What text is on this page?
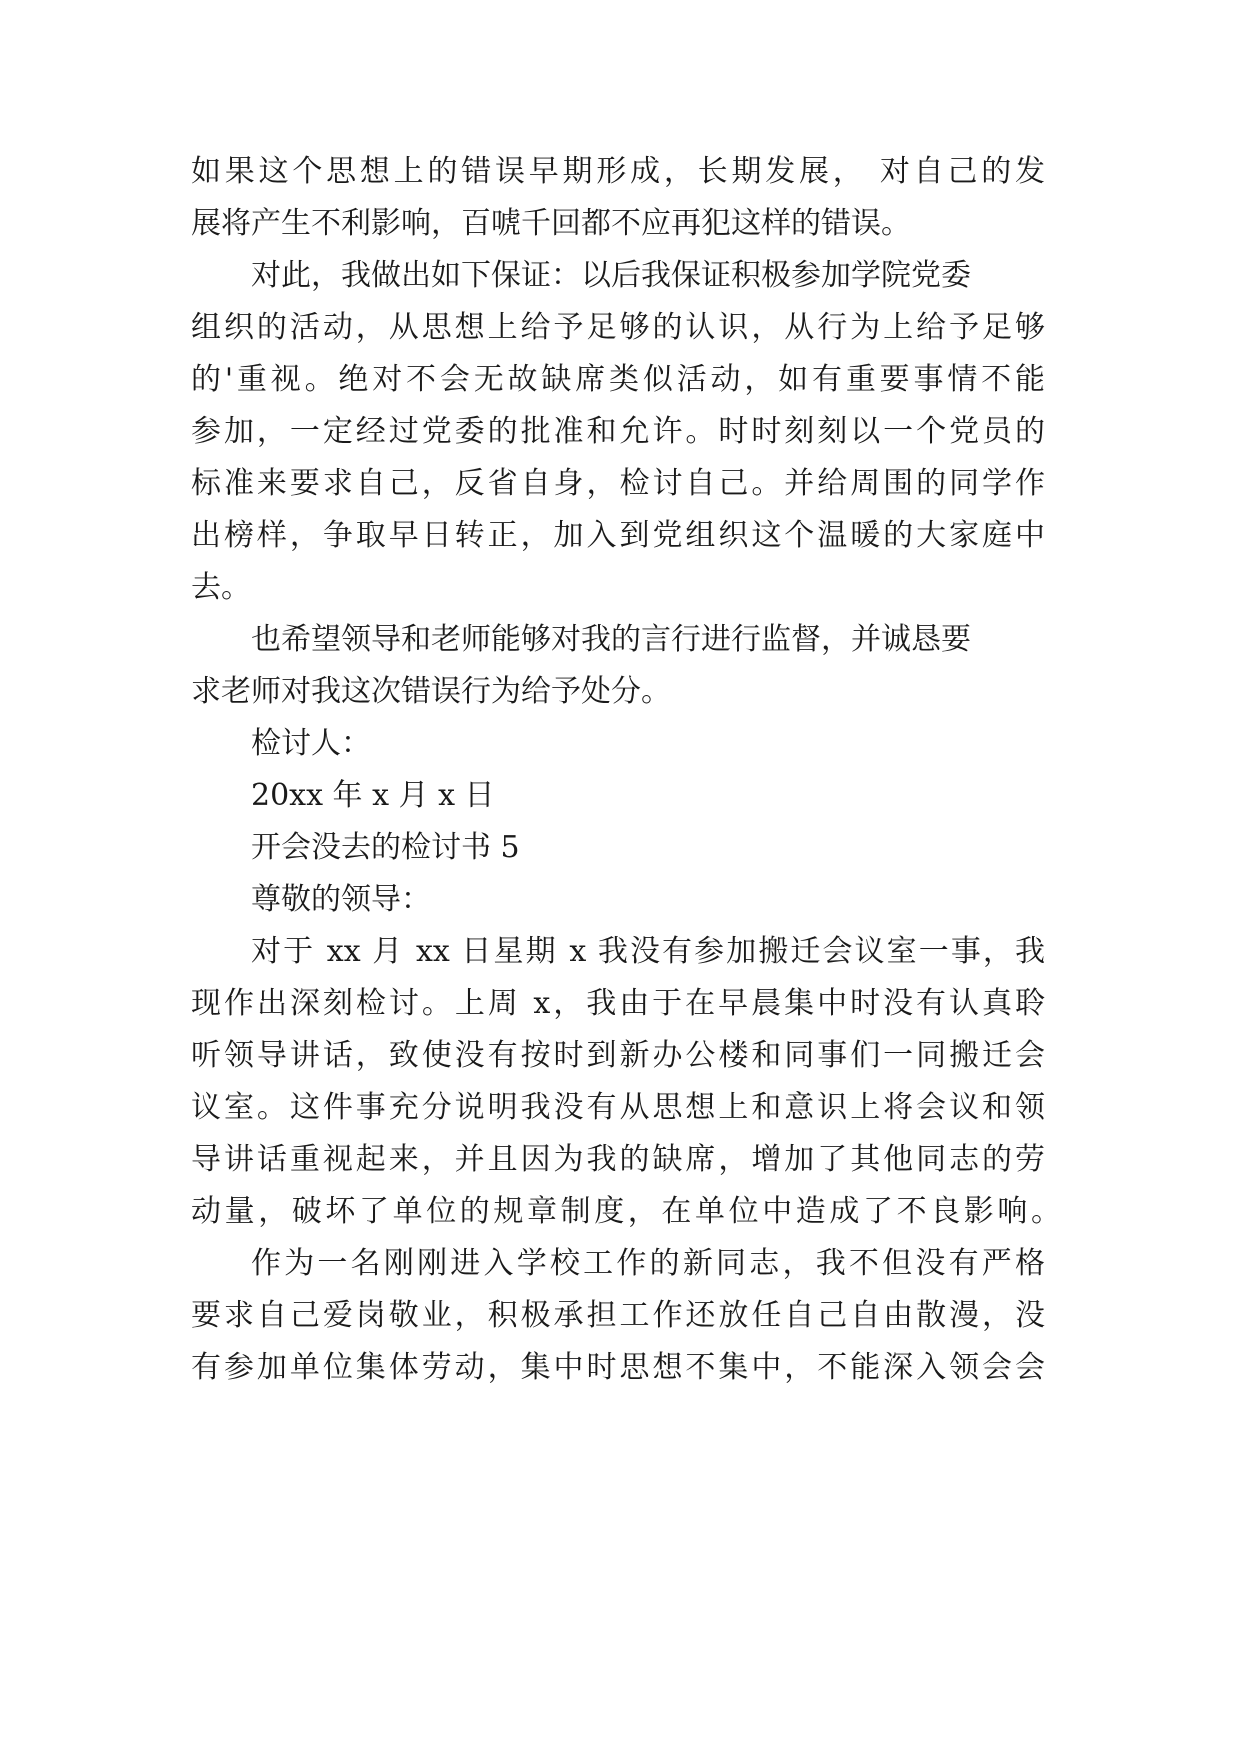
如果这个思想上的错误早期形成，长期发展， 对自己的发
展将产生不利影响，百唬千回都不应再犯这样的错误。
对此，我做出如下保证：以后我保证积极参加学院党委
组织的活动，从思想上给予足够的认识，从行为上给予足够
的'重视。绝对不会无故缺席类似活动，如有重要事情不能
参加，一定经过党委的批准和允许。时时刻刻以一个党员的
标准来要求自己，反省自身，检讨自己。并给周围的同学作
出榜样，争取早日转正，加入到党组织这个温暖的大家庭中
去。
也希望领导和老师能够对我的言行进行监督，并诚恳要
求老师对我这次错误行为给予处分。
检讨人：
20xx 年 x 月 x 日
开会没去的检讨书 5
尊敬的领导：
对于 xx 月 xx 日星期 x 我没有参加搬迁会议室一事，我
现作出深刻检讨。上周 x，我由于在早晨集中时没有认真聆
听领导讲话，致使没有按时到新办公楼和同事们一同搬迁会
议室。这件事充分说明我没有从思想上和意识上将会议和领
导讲话重视起来，并且因为我的缺席，增加了其他同志的劳
动量，破坏了单位的规章制度，在单位中造成了不良影响。
作为一名刚刚进入学校工作的新同志，我不但没有严格
要求自己爱岗敬业，积极承担工作还放任自己自由散漫，没
有参加单位集体劳动，集中时思想不集中，不能深入领会会
